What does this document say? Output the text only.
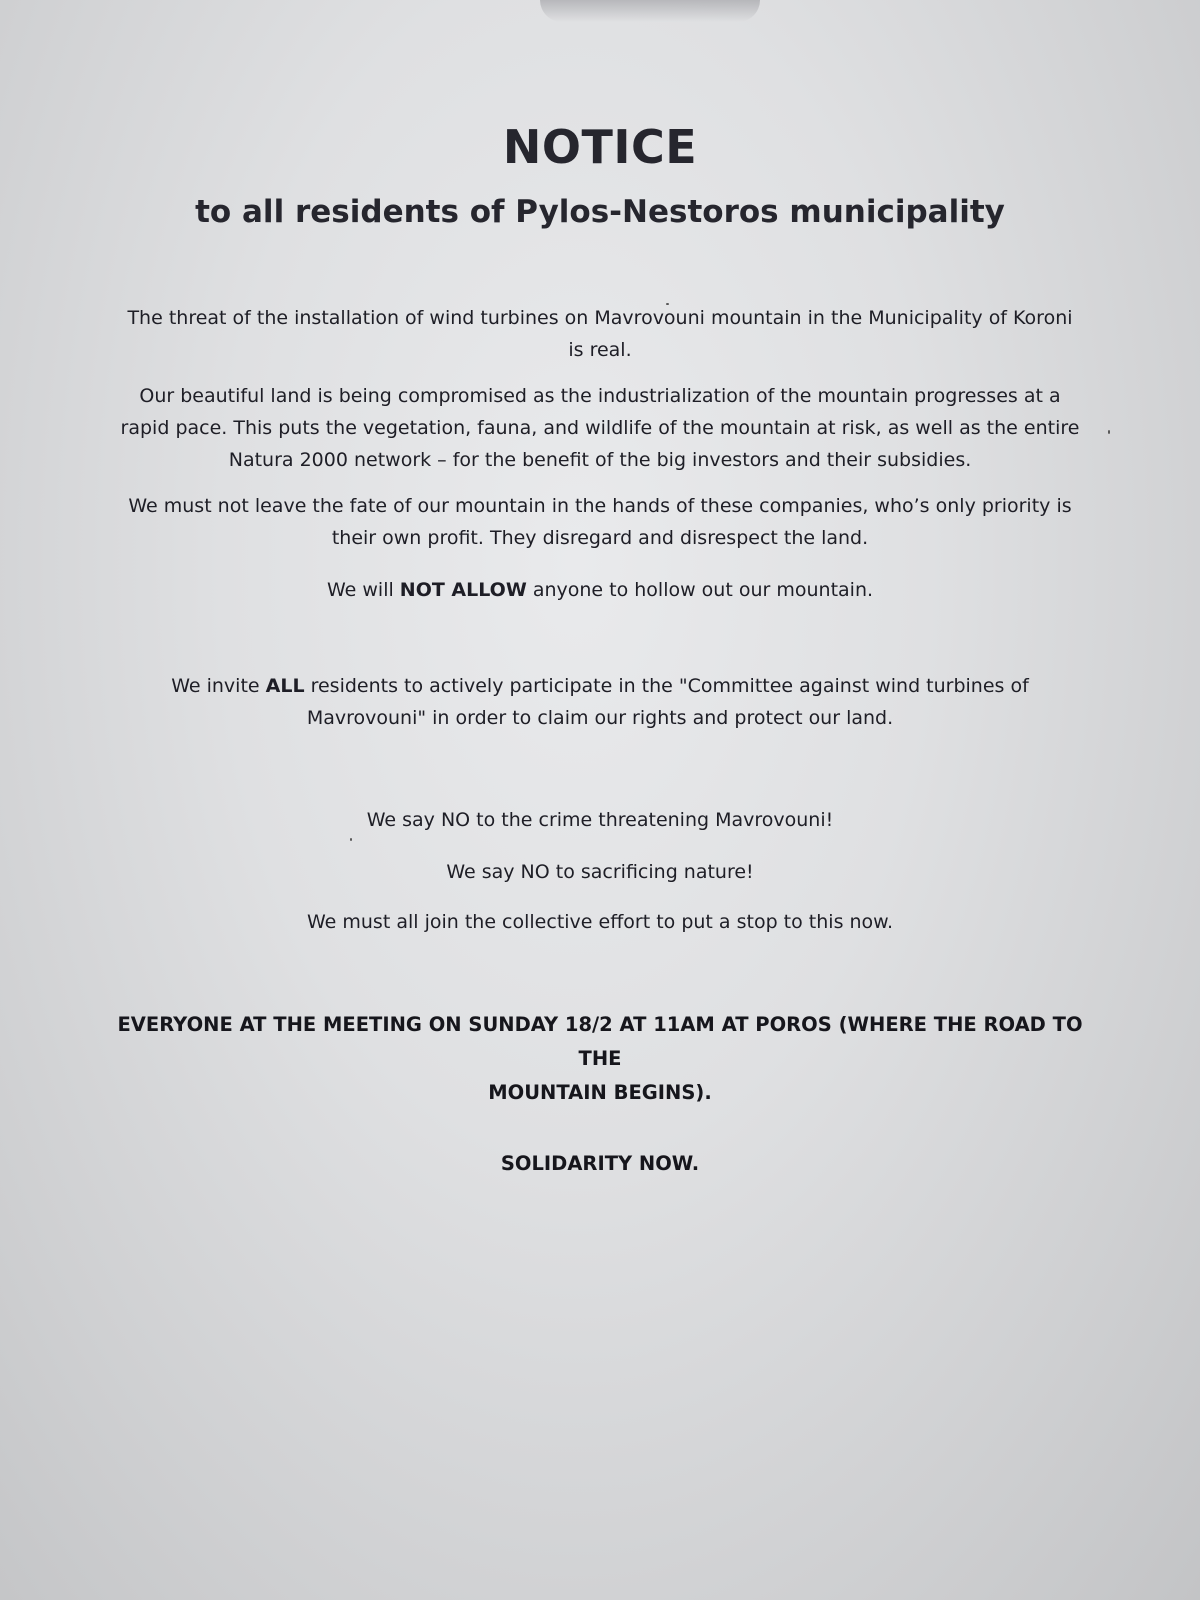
NOTICE
to all residents of Pylos-Nestoros municipality
The threat of the installation of wind turbines on Mavrovouni mountain in the Municipality of Koroni
is real.
Our beautiful land is being compromised as the industrialization of the mountain progresses at a
rapid pace. This puts the vegetation, fauna, and wildlife of the mountain at risk, as well as the entire
Natura 2000 network – for the benefit of the big investors and their subsidies.
We must not leave the fate of our mountain in the hands of these companies, who’s only priority is
their own profit. They disregard and disrespect the land.
We will NOT ALLOW anyone to hollow out our mountain.
We invite ALL residents to actively participate in the "Committee against wind turbines of
Mavrovouni" in order to claim our rights and protect our land.
We say NO to the crime threatening Mavrovouni!
We say NO to sacrificing nature!
We must all join the collective effort to put a stop to this now.
EVERYONE AT THE MEETING ON SUNDAY 18/2 AT 11AM AT POROS (WHERE THE ROAD TO THE
MOUNTAIN BEGINS).
SOLIDARITY NOW.
